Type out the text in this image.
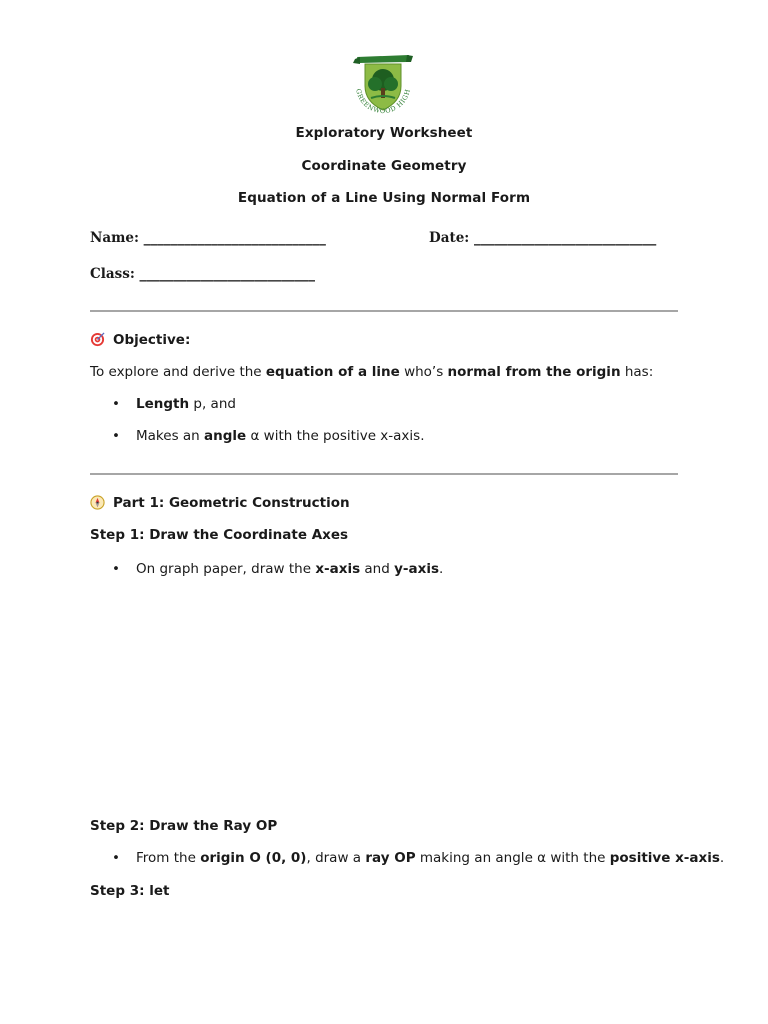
GREENWOOD HIGH
Exploratory Worksheet
Coordinate Geometry
Equation of a Line Using Normal Form
Name: ___________________________	Date: ___________________________
Class: __________________________
Objective:
To explore and derive the equation of a line who’s normal from the origin has:
• Length p, and
• Makes an angle α with the positive x-axis.
Part 1: Geometric Construction
Step 1: Draw the Coordinate Axes
• On graph paper, draw the x-axis and y-axis.
Step 2: Draw the Ray OP
• From the origin O (0, 0), draw a ray OP making an angle α with the positive x-axis.
Step 3: let
